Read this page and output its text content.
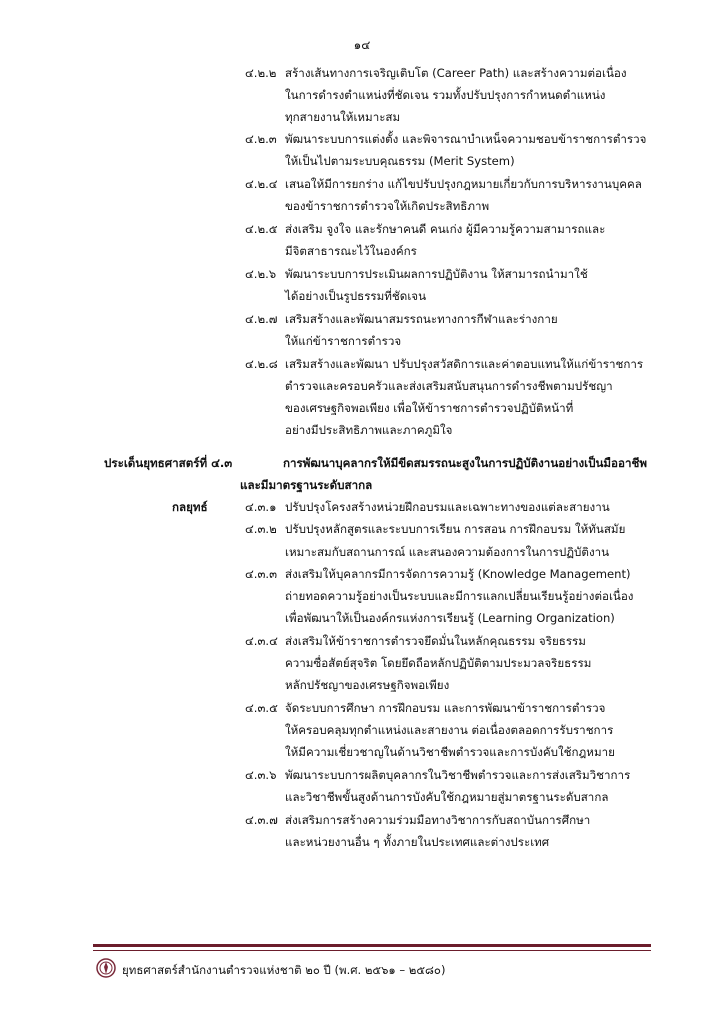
๑๔
๔.๒.๒ สร้างเส้นทางการเจริญเติบโต (Career Path) และสร้างความต่อเนื่อง
ในการดำรงตำแหน่งที่ชัดเจน รวมทั้งปรับปรุงการกำหนดตำแหน่ง
ทุกสายงานให้เหมาะสม
๔.๒.๓ พัฒนาระบบการแต่งตั้ง และพิจารณาบำเหน็จความชอบข้าราชการตำรวจ
ให้เป็นไปตามระบบคุณธรรม (Merit System)
๔.๒.๔ เสนอให้มีการยกร่าง แก้ไขปรับปรุงกฎหมายเกี่ยวกับการบริหารงานบุคคล
ของข้าราชการตำรวจให้เกิดประสิทธิภาพ
๔.๒.๕ ส่งเสริม จูงใจ และรักษาคนดี คนเก่ง ผู้มีความรู้ความสามารถและ
มีจิตสาธารณะไว้ในองค์กร
๔.๒.๖ พัฒนาระบบการประเมินผลการปฏิบัติงาน ให้สามารถนำมาใช้
ได้อย่างเป็นรูปธรรมที่ชัดเจน
๔.๒.๗ เสริมสร้างและพัฒนาสมรรถนะทางการกีฬาและร่างกาย
ให้แก่ข้าราชการตำรวจ
๔.๒.๘ เสริมสร้างและพัฒนา ปรับปรุงสวัสดิการและค่าตอบแทนให้แก่ข้าราชการ
ตำรวจและครอบครัวและส่งเสริมสนับสนุนการดำรงชีพตามปรัชญา
ของเศรษฐกิจพอเพียง เพื่อให้ข้าราชการตำรวจปฏิบัติหน้าที่
อย่างมีประสิทธิภาพและภาคภูมิใจ
ประเด็นยุทธศาสตร์ที่ ๔.๓	การพัฒนาบุคลากรให้มีขีดสมรรถนะสูงในการปฏิบัติงานอย่างเป็นมืออาชีพ
และมีมาตรฐานระดับสากล
กลยุทธ์	๔.๓.๑ ปรับปรุงโครงสร้างหน่วยฝึกอบรมและเฉพาะทางของแต่ละสายงาน
๔.๓.๒ ปรับปรุงหลักสูตรและระบบการเรียน การสอน การฝึกอบรม ให้ทันสมัย
เหมาะสมกับสถานการณ์ และสนองความต้องการในการปฏิบัติงาน
๔.๓.๓ ส่งเสริมให้บุคลากรมีการจัดการความรู้ (Knowledge Management)
ถ่ายทอดความรู้อย่างเป็นระบบและมีการแลกเปลี่ยนเรียนรู้อย่างต่อเนื่อง
เพื่อพัฒนาให้เป็นองค์กรแห่งการเรียนรู้ (Learning Organization)
๔.๓.๔ ส่งเสริมให้ข้าราชการตำรวจยึดมั่นในหลักคุณธรรม จริยธรรม
ความซื่อสัตย์สุจริต โดยยึดถือหลักปฏิบัติตามประมวลจริยธรรม
หลักปรัชญาของเศรษฐกิจพอเพียง
๔.๓.๕ จัดระบบการศึกษา การฝึกอบรม และการพัฒนาข้าราชการตำรวจ
ให้ครอบคลุมทุกตำแหน่งและสายงาน ต่อเนื่องตลอดการรับราชการ
ให้มีความเชี่ยวชาญในด้านวิชาชีพตำรวจและการบังคับใช้กฎหมาย
๔.๓.๖ พัฒนาระบบการผลิตบุคลากรในวิชาชีพตำรวจและการส่งเสริมวิชาการ
และวิชาชีพขั้นสูงด้านการบังคับใช้กฎหมายสู่มาตรฐานระดับสากล
๔.๓.๗ ส่งเสริมการสร้างความร่วมมือทางวิชาการกับสถาบันการศึกษา
และหน่วยงานอื่น ๆ ทั้งภายในประเทศและต่างประเทศ
ยุทธศาสตร์สำนักงานตำรวจแห่งชาติ ๒๐ ปี (พ.ศ. ๒๕๖๑ – ๒๕๘๐)
